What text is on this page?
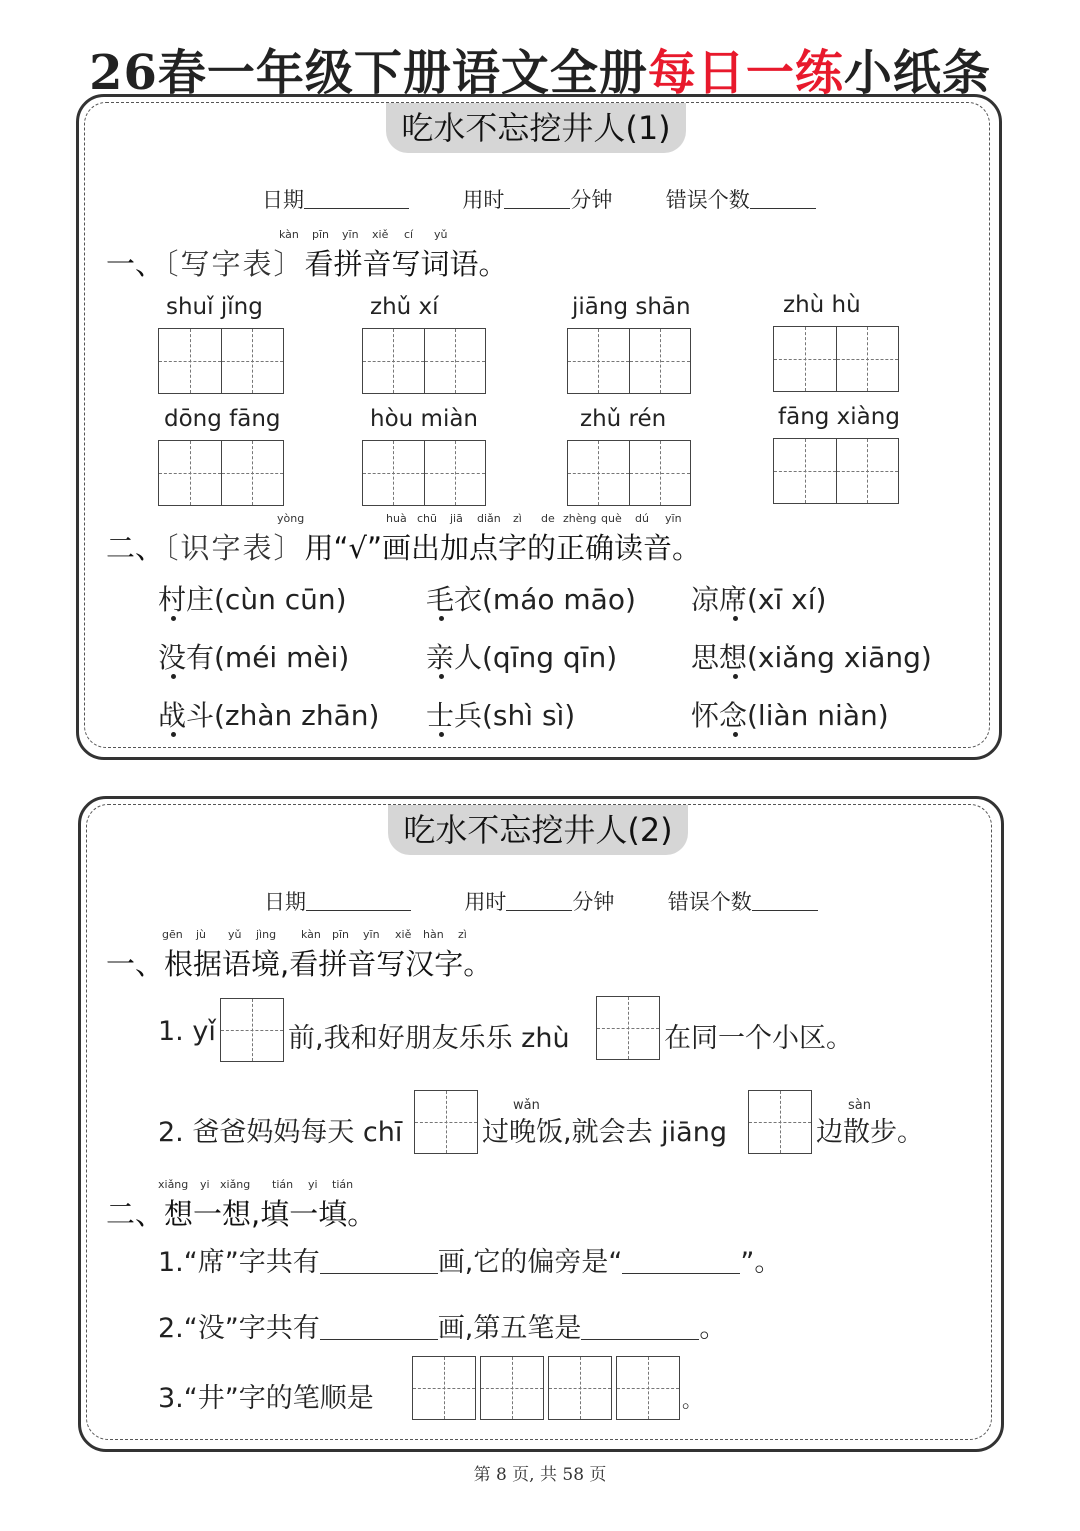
26春一年级下册语文全册每日一练小纸条
吃水不忘挖井人(1)
日期	用时	分钟	错误个数
一、〔写字表〕看拼音写词语。
kàn pīn yīn xiě cí yǔ
shuǐ jǐng	zhǔ xí	jiāng shān	zhù hù
dōng fāng	hòu miàn	zhǔ rén	fāng xiàng
二、〔识字表〕用“√”画出加点字的正确读音。
yòng	huà chū jiā diǎn zì de zhèng què dú yīn
村庄(cùn cūn)	毛衣(máo māo) 凉席(xī xí)
没有(méi mèi)	亲人(qīng qīn)	思想(xiǎng xiāng)
战斗(zhàn zhān) 士兵(shì sì)	怀念(liàn niàn)
吃水不忘挖井人(2)
日期	用时	分钟	错误个数
一、根据语境,看拼音写汉字。
gēn jù yǔ jìng kàn pīn yīn xiě hàn zì
1. yǐ	前,我和好朋友乐乐 zhù	在同一个小区。
2. 爸爸妈妈每天 chī
wǎn
过晚饭,就会去 jiāng
sàn
边散步。
二、想一想,填一填。
xiǎng yi xiǎng tián yi tián
1.“席”字共有	画,它的偏旁是“	”。
2.“没”字共有	画,第五笔是	。
3.“井”字的笔顺是	。
第 8 页, 共 58 页
